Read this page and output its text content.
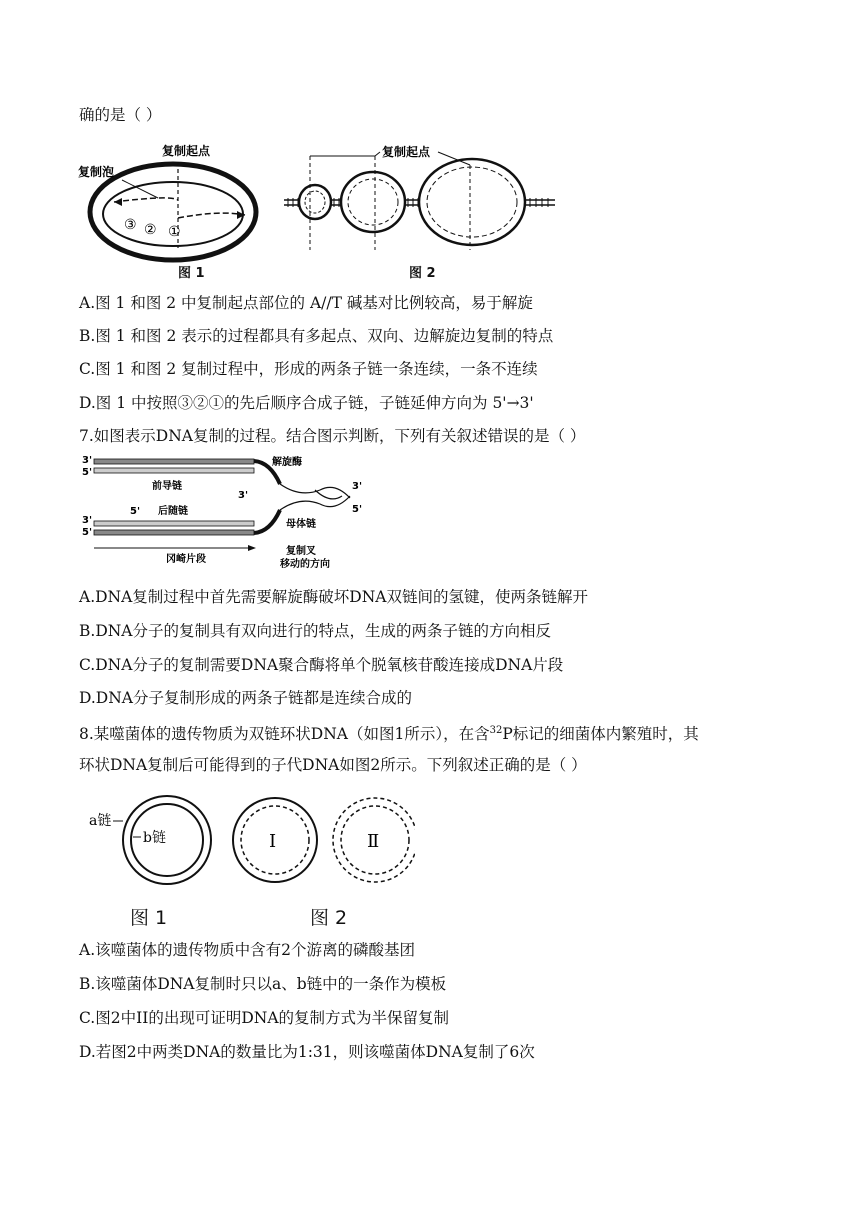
确的是（ ）
复制泡
复制起点
③ ② ①
图 1
复制起点
图 2
A.图 1 和图 2 中复制起点部位的 A//T 碱基对比例较高，易于解旋
B.图 1 和图 2 表示的过程都具有多起点、双向、边解旋边复制的特点
C.图 1 和图 2 复制过程中，形成的两条子链一条连续，一条不连续
D.图 1 中按照③②①的先后顺序合成子链，子链延伸方向为 5'→3'
7.如图表示DNA复制的过程。结合图示判断，下列有关叙述错误的是（ ）
3'
5'
3'
5'
解旋酶
前导链
后随链
5'
3'
母体链
3'
5'
冈崎片段
复制叉
移动的方向
A.DNA复制过程中首先需要解旋酶破坏DNA双链间的氢键，使两条链解开
B.DNA分子的复制具有双向进行的特点，生成的两条子链的方向相反
C.DNA分子的复制需要DNA聚合酶将单个脱氧核苷酸连接成DNA片段
D.DNA分子复制形成的两条子链都是连续合成的
8.某噬菌体的遗传物质为双链环状DNA（如图1所示），在含$^{32}$P标记的细菌体内繁殖时，其
环状DNA复制后可能得到的子代DNA如图2所示。下列叙述正确的是（ ）
a链
b链	Ⅰ	Ⅱ
图 1	图 2
A.该噬菌体的遗传物质中含有2个游离的磷酸基团
B.该噬菌体DNA复制时只以a、b链中的一条作为模板
C.图2中II的出现可证明DNA的复制方式为半保留复制
D.若图2中两类DNA的数量比为1:31，则该噬菌体DNA复制了6次
